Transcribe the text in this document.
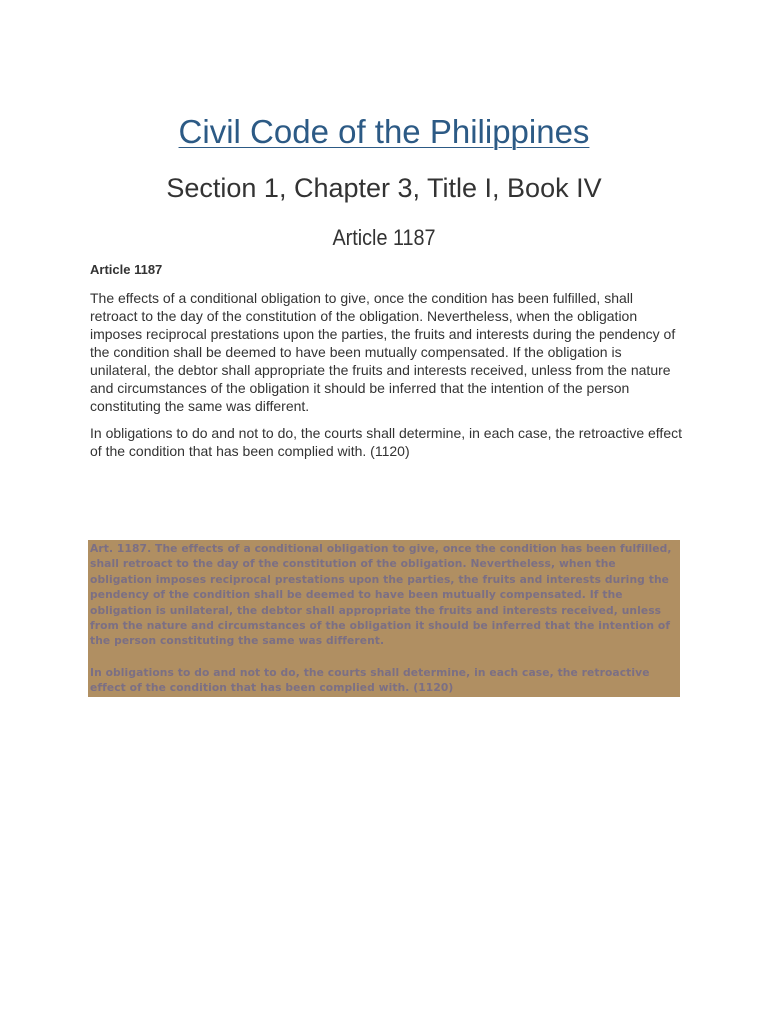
Civil Code of the Philippines
Section 1, Chapter 3, Title I, Book IV
Article 1187
Article 1187

The effects of a conditional obligation to give, once the condition has been fulfilled, shall retroact to the day of the constitution of the obligation. Nevertheless, when the obligation imposes reciprocal prestations upon the parties, the fruits and interests during the pendency of the condition shall be deemed to have been mutually compensated. If the obligation is unilateral, the debtor shall appropriate the fruits and interests received, unless from the nature and circumstances of the obligation it should be inferred that the intention of the person constituting the same was different.

In obligations to do and not to do, the courts shall determine, in each case, the retroactive effect of the condition that has been complied with. (1120)

Art. 1187. The effects of a conditional obligation to give, once the condition has been fulfilled, shall retroact to the day of the constitution of the obligation. Nevertheless, when the obligation imposes reciprocal prestations upon the parties, the fruits and interests during the pendency of the condition shall be deemed to have been mutually compensated. If the obligation is unilateral, the debtor shall appropriate the fruits and interests received, unless from the nature and circumstances of the obligation it should be inferred that the intention of the person constituting the same was different.

In obligations to do and not to do, the courts shall determine, in each case, the retroactive effect of the condition that has been complied with. (1120)
